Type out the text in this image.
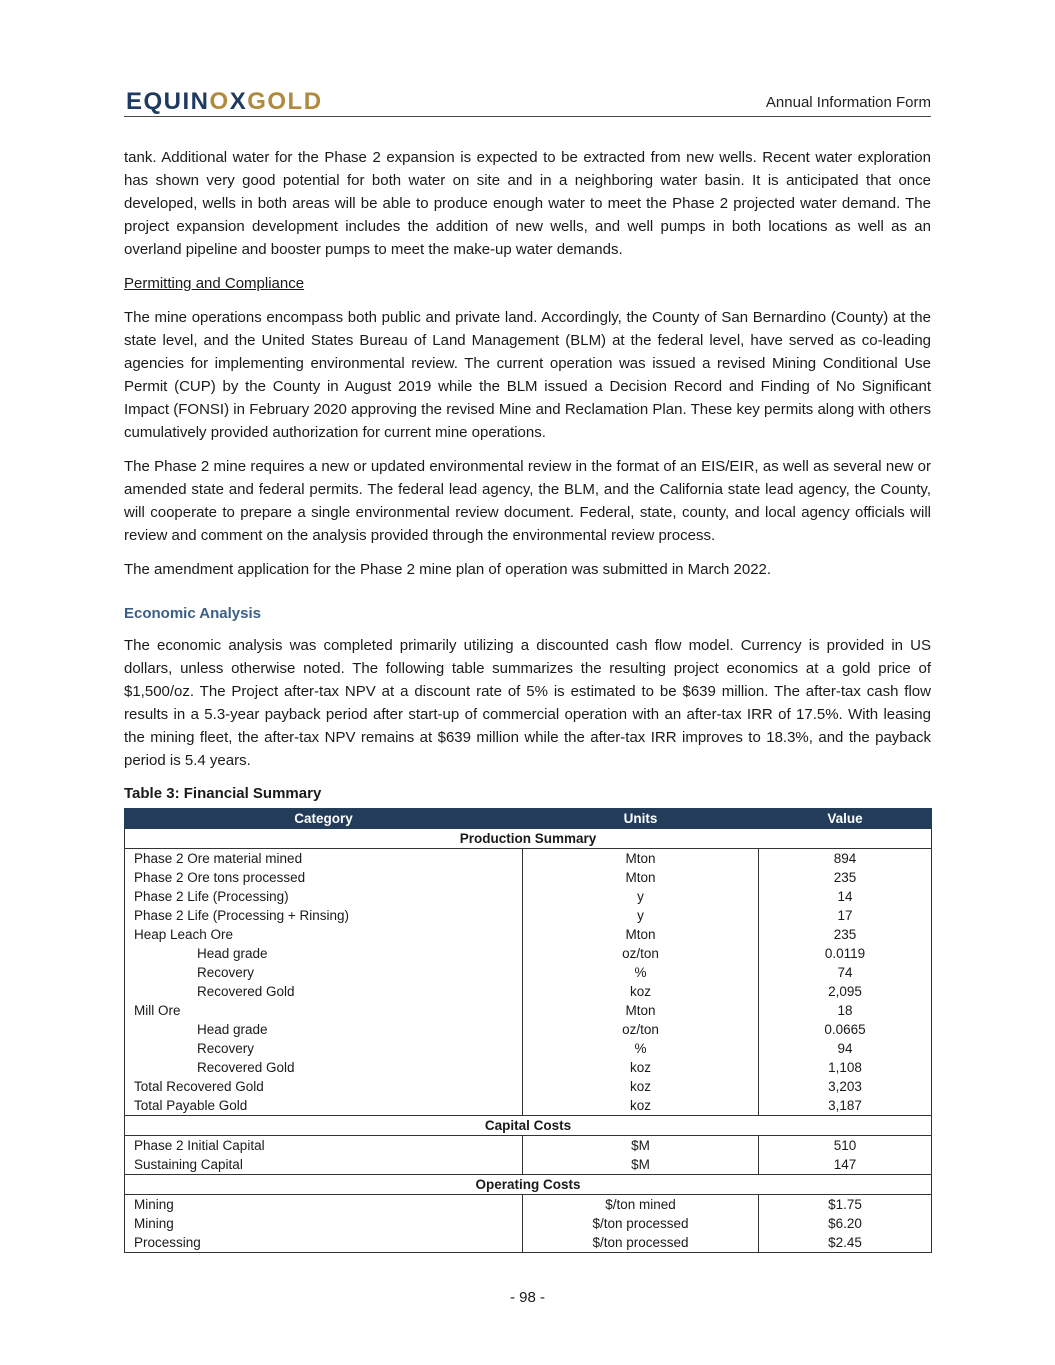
EQUINOXGOLD	Annual Information Form

tank. Additional water for the Phase 2 expansion is expected to be extracted from new wells. Recent water exploration has shown very good potential for both water on site and in a neighboring water basin. It is anticipated that once developed, wells in both areas will be able to produce enough water to meet the Phase 2 projected water demand. The project expansion development includes the addition of new wells, and well pumps in both locations as well as an overland pipeline and booster pumps to meet the make-up water demands.

Permitting and Compliance

The mine operations encompass both public and private land. Accordingly, the County of San Bernardino (County) at the state level, and the United States Bureau of Land Management (BLM) at the federal level, have served as co-leading agencies for implementing environmental review. The current operation was issued a revised Mining Conditional Use Permit (CUP) by the County in August 2019 while the BLM issued a Decision Record and Finding of No Significant Impact (FONSI) in February 2020 approving the revised Mine and Reclamation Plan. These key permits along with others cumulatively provided authorization for current mine operations.

The Phase 2 mine requires a new or updated environmental review in the format of an EIS/EIR, as well as several new or amended state and federal permits. The federal lead agency, the BLM, and the California state lead agency, the County, will cooperate to prepare a single environmental review document. Federal, state, county, and local agency officials will review and comment on the analysis provided through the environmental review process.

The amendment application for the Phase 2 mine plan of operation was submitted in March 2022.

Economic Analysis

The economic analysis was completed primarily utilizing a discounted cash flow model. Currency is provided in US dollars, unless otherwise noted. The following table summarizes the resulting project economics at a gold price of $1,500/oz. The Project after-tax NPV at a discount rate of 5% is estimated to be $639 million. The after-tax cash flow results in a 5.3-year payback period after start-up of commercial operation with an after-tax IRR of 17.5%. With leasing the mining fleet, the after-tax NPV remains at $639 million while the after-tax IRR improves to 18.3%, and the payback period is 5.4 years.

Table 3: Financial Summary
Category	Units	Value
Production Summary		
Phase 2 Ore material mined	Mton	894
Phase 2 Ore tons processed	Mton	235
Phase 2 Life (Processing)	y	14
Phase 2 Life (Processing + Rinsing)	y	17
Heap Leach Ore	Mton	235
Head grade	oz/ton	0.0119
Recovery	%	74
Recovered Gold	koz	2,095
Mill Ore	Mton	18
Head grade	oz/ton	0.0665
Recovery	%	94
Recovered Gold	koz	1,108
Total Recovered Gold	koz	3,203
Total Payable Gold	koz	3,187
Capital Costs		
Phase 2 Initial Capital	$M	510
Sustaining Capital	$M	147
Operating Costs		
Mining	$/ton mined	$1.75
Mining	$/ton processed	$6.20
Processing	$/ton processed	$2.45
- 98 -
